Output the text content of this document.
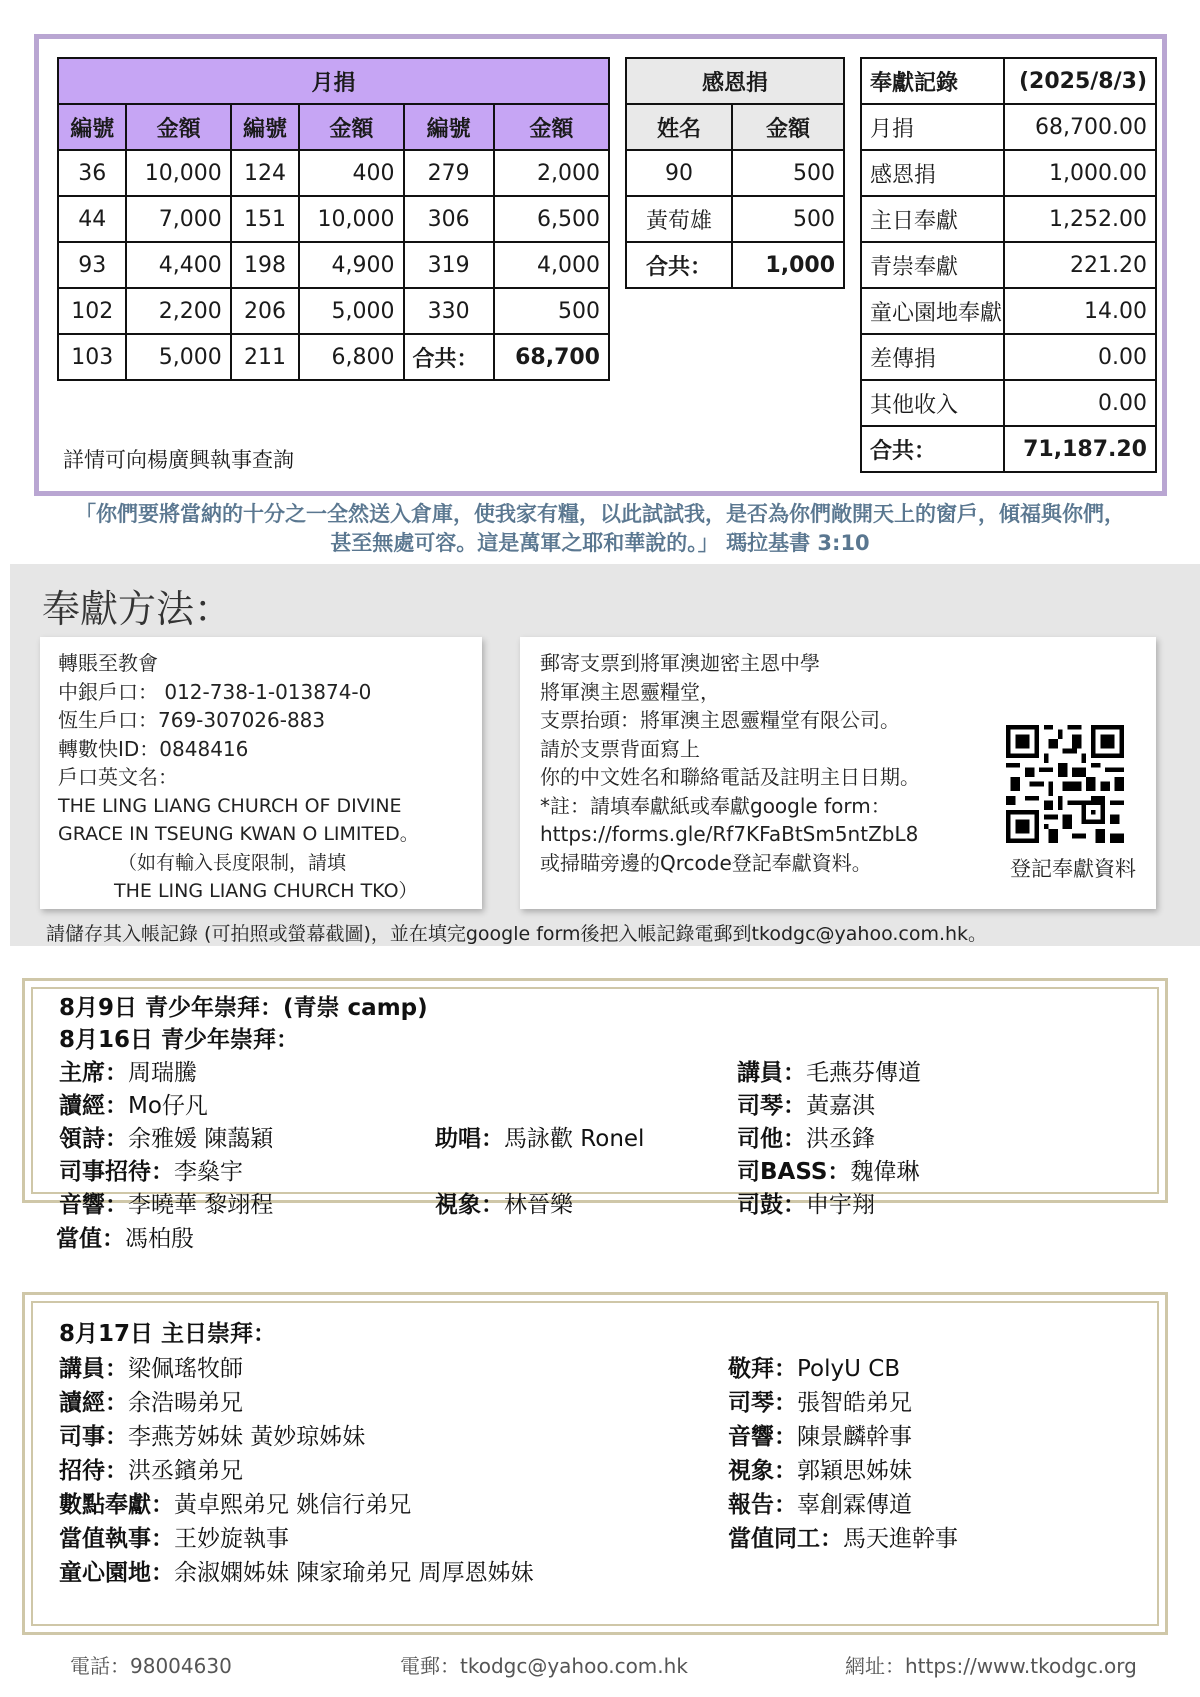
月捐					
編號	金額	編號	金額	編號	金額
36	10,000	124	400	279	2,000
44	7,000	151	10,000	306	6,500
93	4,400	198	4,900	319	4,000
102	2,200	206	5,000	330	500
103	5,000	211	6,800	合共：	68,700
感恩捐	
姓名	金額
90	500
黃荀雄	500
合共：	1,000
奉獻記錄	(2025/8/3)
月捐	68,700.00
感恩捐	1,000.00
主日奉獻	1,252.00
青崇奉獻	221.20
童心園地奉獻	14.00
差傳捐	0.00
其他收入	0.00
合共：	71,187.20
詳情可向楊廣興執事查詢
「你們要將當納的十分之一全然送入倉庫，使我家有糧，以此試試我，是否為你們敞開天上的窗戶，傾福與你們，
甚至無處可容。這是萬軍之耶和華說的。」 瑪拉基書 3:10
奉獻方法：
轉賬至教會
中銀戶口： 012-738-1-013874-0
恆生戶口：769-307026-883
轉數快ID：0848416
戶口英文名：
THE LING LIANG CHURCH OF DIVINE
GRACE IN TSEUNG KWAN O LIMITED。
（如有輸入長度限制，請填
THE LING LIANG CHURCH TKO）
郵寄支票到將軍澳迦密主恩中學
將軍澳主恩靈糧堂，
支票抬頭：將軍澳主恩靈糧堂有限公司。
請於支票背面寫上
你的中文姓名和聯絡電話及註明主日日期。
*註：請填奉獻紙或奉獻google form：
https://forms.gle/Rf7KFaBtSm5ntZbL8
或掃瞄旁邊的Qrcode登記奉獻資料。	登記奉獻資料
請儲存其入帳記錄 (可拍照或螢幕截圖)，並在填完google form後把入帳記錄電郵到tkodgc@yahoo.com.hk。
8月9日 青少年崇拜：(青崇 camp)
8月16日 青少年崇拜：
主席：周瑞騰
讀經：Mo仔凡
領詩：余雅媛 陳藹穎
司事招待：李燊宇
音響：李曉華 黎翊程
助唱：馬詠歡 Ronel
視象：林晉樂
講員：毛燕芬傳道
司琴：黃嘉淇
司他：洪丞鋒
司BASS：魏偉琳
司鼓：申宇翔
當值：馮柏殷
8月17日 主日崇拜：
講員：梁佩瑤牧師
讀經：余浩暘弟兄
司事：李燕芳姊妹 黃妙琼姊妹
招待：洪丞鑌弟兄
數點奉獻：黃卓熙弟兄 姚信行弟兄
當值執事：王妙旋執事
童心園地：余淑嫻姊妹 陳家瑜弟兄 周厚恩姊妹
敬拜：PolyU CB
司琴：張智皓弟兄
音響：陳景麟幹事
視象：郭穎思姊妹
報告：辜創霖傳道
當值同工：馬天進幹事
電話：98004630	電郵：tkodgc@yahoo.com.hk	網址：https://www.tkodgc.org
